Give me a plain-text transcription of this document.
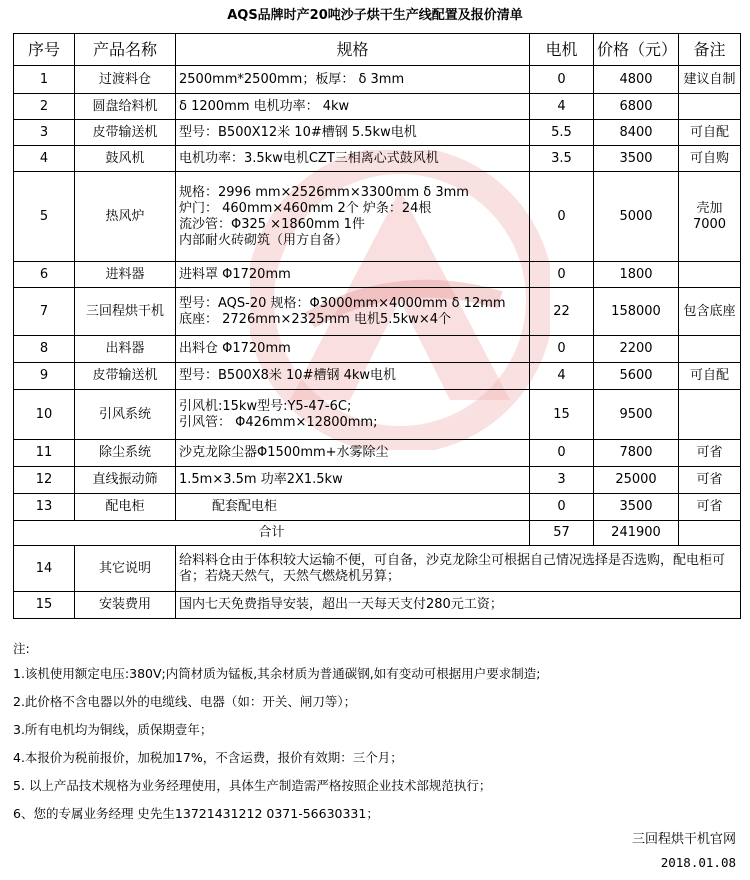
AQS品牌时产20吨沙子烘干生产线配置及报价清单
序号	产品名称	规格	电机	价格（元）	备注
1	过渡料仓	2500mm*2500mm；板厚： δ 3mm	0	4800	建议自制
2	圆盘给料机	δ 1200mm 电机功率： 4kw	4	6800	
3	皮带输送机	型号：B500X12米 10#槽钢 5.5kw电机	5.5	8400	可自配
4	鼓风机	电机功率：3.5kw电机CZT三相离心式鼓风机	3.5	3500	可自购
5	热风炉	规格：2996 mm×2526mm×3300mm δ 3mm
炉门： 460mm×460mm 2个 炉条：24根
流沙管：Φ325 ×1860mm 1件
内部耐火砖砌筑（用方自备）	0	5000	壳加7000
6	进料器	进料罩 Φ1720mm	0	1800	
7	三回程烘干机	型号：AQS-20 规格：Φ3000mm×4000mm δ 12mm
底座： 2726mm×2325mm 电机5.5kw×4个	22	158000	包含底座
8	出料器	出料仓 Φ1720mm	0	2200	
9	皮带输送机	型号：B500X8米 10#槽钢 4kw电机	4	5600	可自配
10	引风系统	引风机:15kw型号:Y5-47-6C;
引风管： Φ426mm×12800mm;	15	9500	
11	除尘系统	沙克龙除尘器Φ1500mm+水雾除尘	0	7800	可省
12	直线振动筛	1.5m×3.5m 功率2X1.5kw	3	25000	可省
13	配电柜	配套配电柜	0	3500	可省
合计			57	241900	
14	其它说明	给料料仓由于体积较大运输不便，可自备，沙克龙除尘可根据自己情况选择是否选购，配电柜可省；若烧天然气，天然气燃烧机另算；			
15	安装费用	国内七天免费指导安装，超出一天每天支付280元工资；			
注:
1.该机使用额定电压:380V;内筒材质为锰板,其余材质为普通碳钢,如有变动可根据用户要求制造;
2.此价格不含电器以外的电缆线、电器（如：开关、闸刀等）；
3.所有电机均为铜线，质保期壹年；
4.本报价为税前报价，加税加17%，不含运费，报价有效期：三个月；
5. 以上产品技术规格为业务经理使用，具体生产制造需严格按照企业技术部规范执行；
6、您的专属业务经理 史先生13721431212 0371-56630331；
三回程烘干机官网
2018.01.08
